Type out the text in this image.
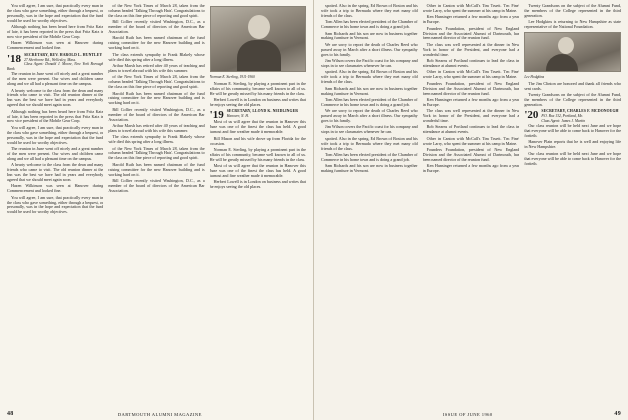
You will agree, I am sure, that practically every man in the class who gave something, either through a bequest, or personally, was in the hope and expectation that the fund would be used for worthy objectives.

Although nothing has been heard here from Fritz Katz of late, it has been reported in the press that Fritz Katz is now vice president of the Mobile Gear Corp.

Hazen Wilkinson was seen at Hanover during Commencement and looked fine.

'18 SECRETARY, REV. HAROLD L. HUNTLEY
27 Sherborne Rd., Wellesley, Mass.
Class Agent: Donald J. Moore, New York Borough Bank

The reunion in June went off nicely and a great number of the men were present. Our wives and children came along and we all had a pleasant time on the campus.

A hearty welcome to the class from the dean and many friends who came to visit. The old reunion dinner at the Inn was the best we have had in years and everybody agreed that we should meet again soon.

Although nothing has been heard here from Fritz Katz of late, it has been reported in the press that Fritz Katz is now vice president of the Mobile Gear Corp.

You will agree, I am sure, that practically every man in the class who gave something, either through a bequest, or personally, was in the hope and expectation that the fund would be used for worthy objectives.

The reunion in June went off nicely and a great number of the men were present. Our wives and children came along and we all had a pleasant time on the campus.

A hearty welcome to the class from the dean and many friends who came to visit. The old reunion dinner at the Inn was the best we have had in years and everybody agreed that we should meet again soon.

Hazen Wilkinson was seen at Hanover during Commencement and looked fine.

You will agree, I am sure, that practically every man in the class who gave something, either through a bequest, or personally, was in the hope and expectation that the fund would be used for worthy objectives.

of the New York Times of March 28, taken from the column headed 'Talking Through Hats'. Congratulations to the class on this fine piece of reporting and good spirit.

Bill Collier recently visited Washington, D.C., as a member of the board of directors of the American Bar Association.

Harold Ruth has been named chairman of the fund raising committee for the new Hanover building and is working hard on it.

The class extends sympathy to Frank Blakely whose wife died this spring after a long illness.

Arthur Marsh has retired after 40 years of teaching and plans to travel abroad with his wife this summer.

of the New York Times of March 28, taken from the column headed 'Talking Through Hats'. Congratulations to the class on this fine piece of reporting and good spirit.

Harold Ruth has been named chairman of the fund raising committee for the new Hanover building and is working hard on it.

Bill Collier recently visited Washington, D.C., as a member of the board of directors of the American Bar Association.

Arthur Marsh has retired after 40 years of teaching and plans to travel abroad with his wife this summer.

The class extends sympathy to Frank Blakely whose wife died this spring after a long illness.

of the New York Times of March 28, taken from the column headed 'Talking Through Hats'. Congratulations to the class on this fine piece of reporting and good spirit.

Harold Ruth has been named chairman of the fund raising committee for the new Hanover building and is working hard on it.

Bill Collier recently visited Washington, D.C., as a member of the board of directors of the American Bar Association.

Norman E. Sterling, 1911-1960

Norman E. Sterling, by playing a prominent part in the affairs of his community, became well known to all of us. He will be greatly missed by his many friends in the class.

Herbert Lowell is in London on business and writes that he enjoys seeing the old places.

'19 SECRETARY, LLOYD K. NEIDLINGER
Hanover, N. H.

Most of us will agree that the reunion in Hanover this June was one of the finest the class has held. A good turnout and fine weather made it memorable.

Bill Mason and his wife drove up from Florida for the occasion.

Norman E. Sterling, by playing a prominent part in the affairs of his community, became well known to all of us. He will be greatly missed by his many friends in the class.

Most of us will agree that the reunion in Hanover this June was one of the finest the class has held. A good turnout and fine weather made it memorable.

Herbert Lowell is in London on business and writes that he enjoys seeing the old places.

48	DARTMOUTH ALUMNI MAGAZINE

spotted. Also in the spring, Ed Brown of Boston and his wife took a trip to Bermuda where they met many old friends of the class.

Tom Allen has been elected president of the Chamber of Commerce in his home town and is doing a grand job.

Sam Richards and his son are now in business together making furniture in Vermont.

We are sorry to report the death of Charles Reed who passed away in March after a short illness. Our sympathy goes to his family.

Jim Wilson covers the Pacific coast for his company and stops in to see classmates whenever he can.

spotted. Also in the spring, Ed Brown of Boston and his wife took a trip to Bermuda where they met many old friends of the class.

Sam Richards and his son are now in business together making furniture in Vermont.

Tom Allen has been elected president of the Chamber of Commerce in his home town and is doing a grand job.

We are sorry to report the death of Charles Reed who passed away in March after a short illness. Our sympathy goes to his family.

Jim Wilson covers the Pacific coast for his company and stops in to see classmates whenever he can.

spotted. Also in the spring, Ed Brown of Boston and his wife took a trip to Bermuda where they met many old friends of the class.

Tom Allen has been elected president of the Chamber of Commerce in his home town and is doing a grand job.

Sam Richards and his son are now in business together making furniture in Vermont.

Other in Canton with McCall's Tim Truett. 'I'm Fine' wrote Larry, who spent the summer at his camp in Maine.

Ken Hunsinger returned a few months ago from a year in Europe.

Founders Foundation, president of New England Division and the Associated Alumni of Dartmouth, has been named director of the reunion fund.

The class was well represented at the dinner in New York in honor of the President, and everyone had a wonderful time.

Bob Stearns of Portland continues to lead the class in attendance at alumni events.

Other in Canton with McCall's Tim Truett. 'I'm Fine' wrote Larry, who spent the summer at his camp in Maine.

Founders Foundation, president of New England Division and the Associated Alumni of Dartmouth, has been named director of the reunion fund.

Ken Hunsinger returned a few months ago from a year in Europe.

The class was well represented at the dinner in New York in honor of the President, and everyone had a wonderful time.

Bob Stearns of Portland continues to lead the class in attendance at alumni events.

Other in Canton with McCall's Tim Truett. 'I'm Fine' wrote Larry, who spent the summer at his camp in Maine.

Founders Foundation, president of New England Division and the Associated Alumni of Dartmouth, has been named director of the reunion fund.

Ken Hunsinger returned a few months ago from a year in Europe.

Twenty Grandsons on the subject of the Alumni Fund, the members of the College represented in the third generation.

Lee Hodgkins is returning to New Hampshire as state representative of the National Foundation.

Lee Hodgkins

The Jim Clinton are honored and thank all friends who sent cards.

Twenty Grandsons on the subject of the Alumni Fund, the members of the College represented in the third generation.

'20 SECRETARY, CHARLES F. MCDONOUGH
P.O. Box 132, Portland, Me.
Class Agent: James J. Martin

Our class reunion will be held next June and we hope that everyone will be able to come back to Hanover for the fortieth.

Hanover Plain reports that he is well and enjoying life in New Hampshire.

Our class reunion will be held next June and we hope that everyone will be able to come back to Hanover for the fortieth.

ISSUE OF JUNE 1960	49
